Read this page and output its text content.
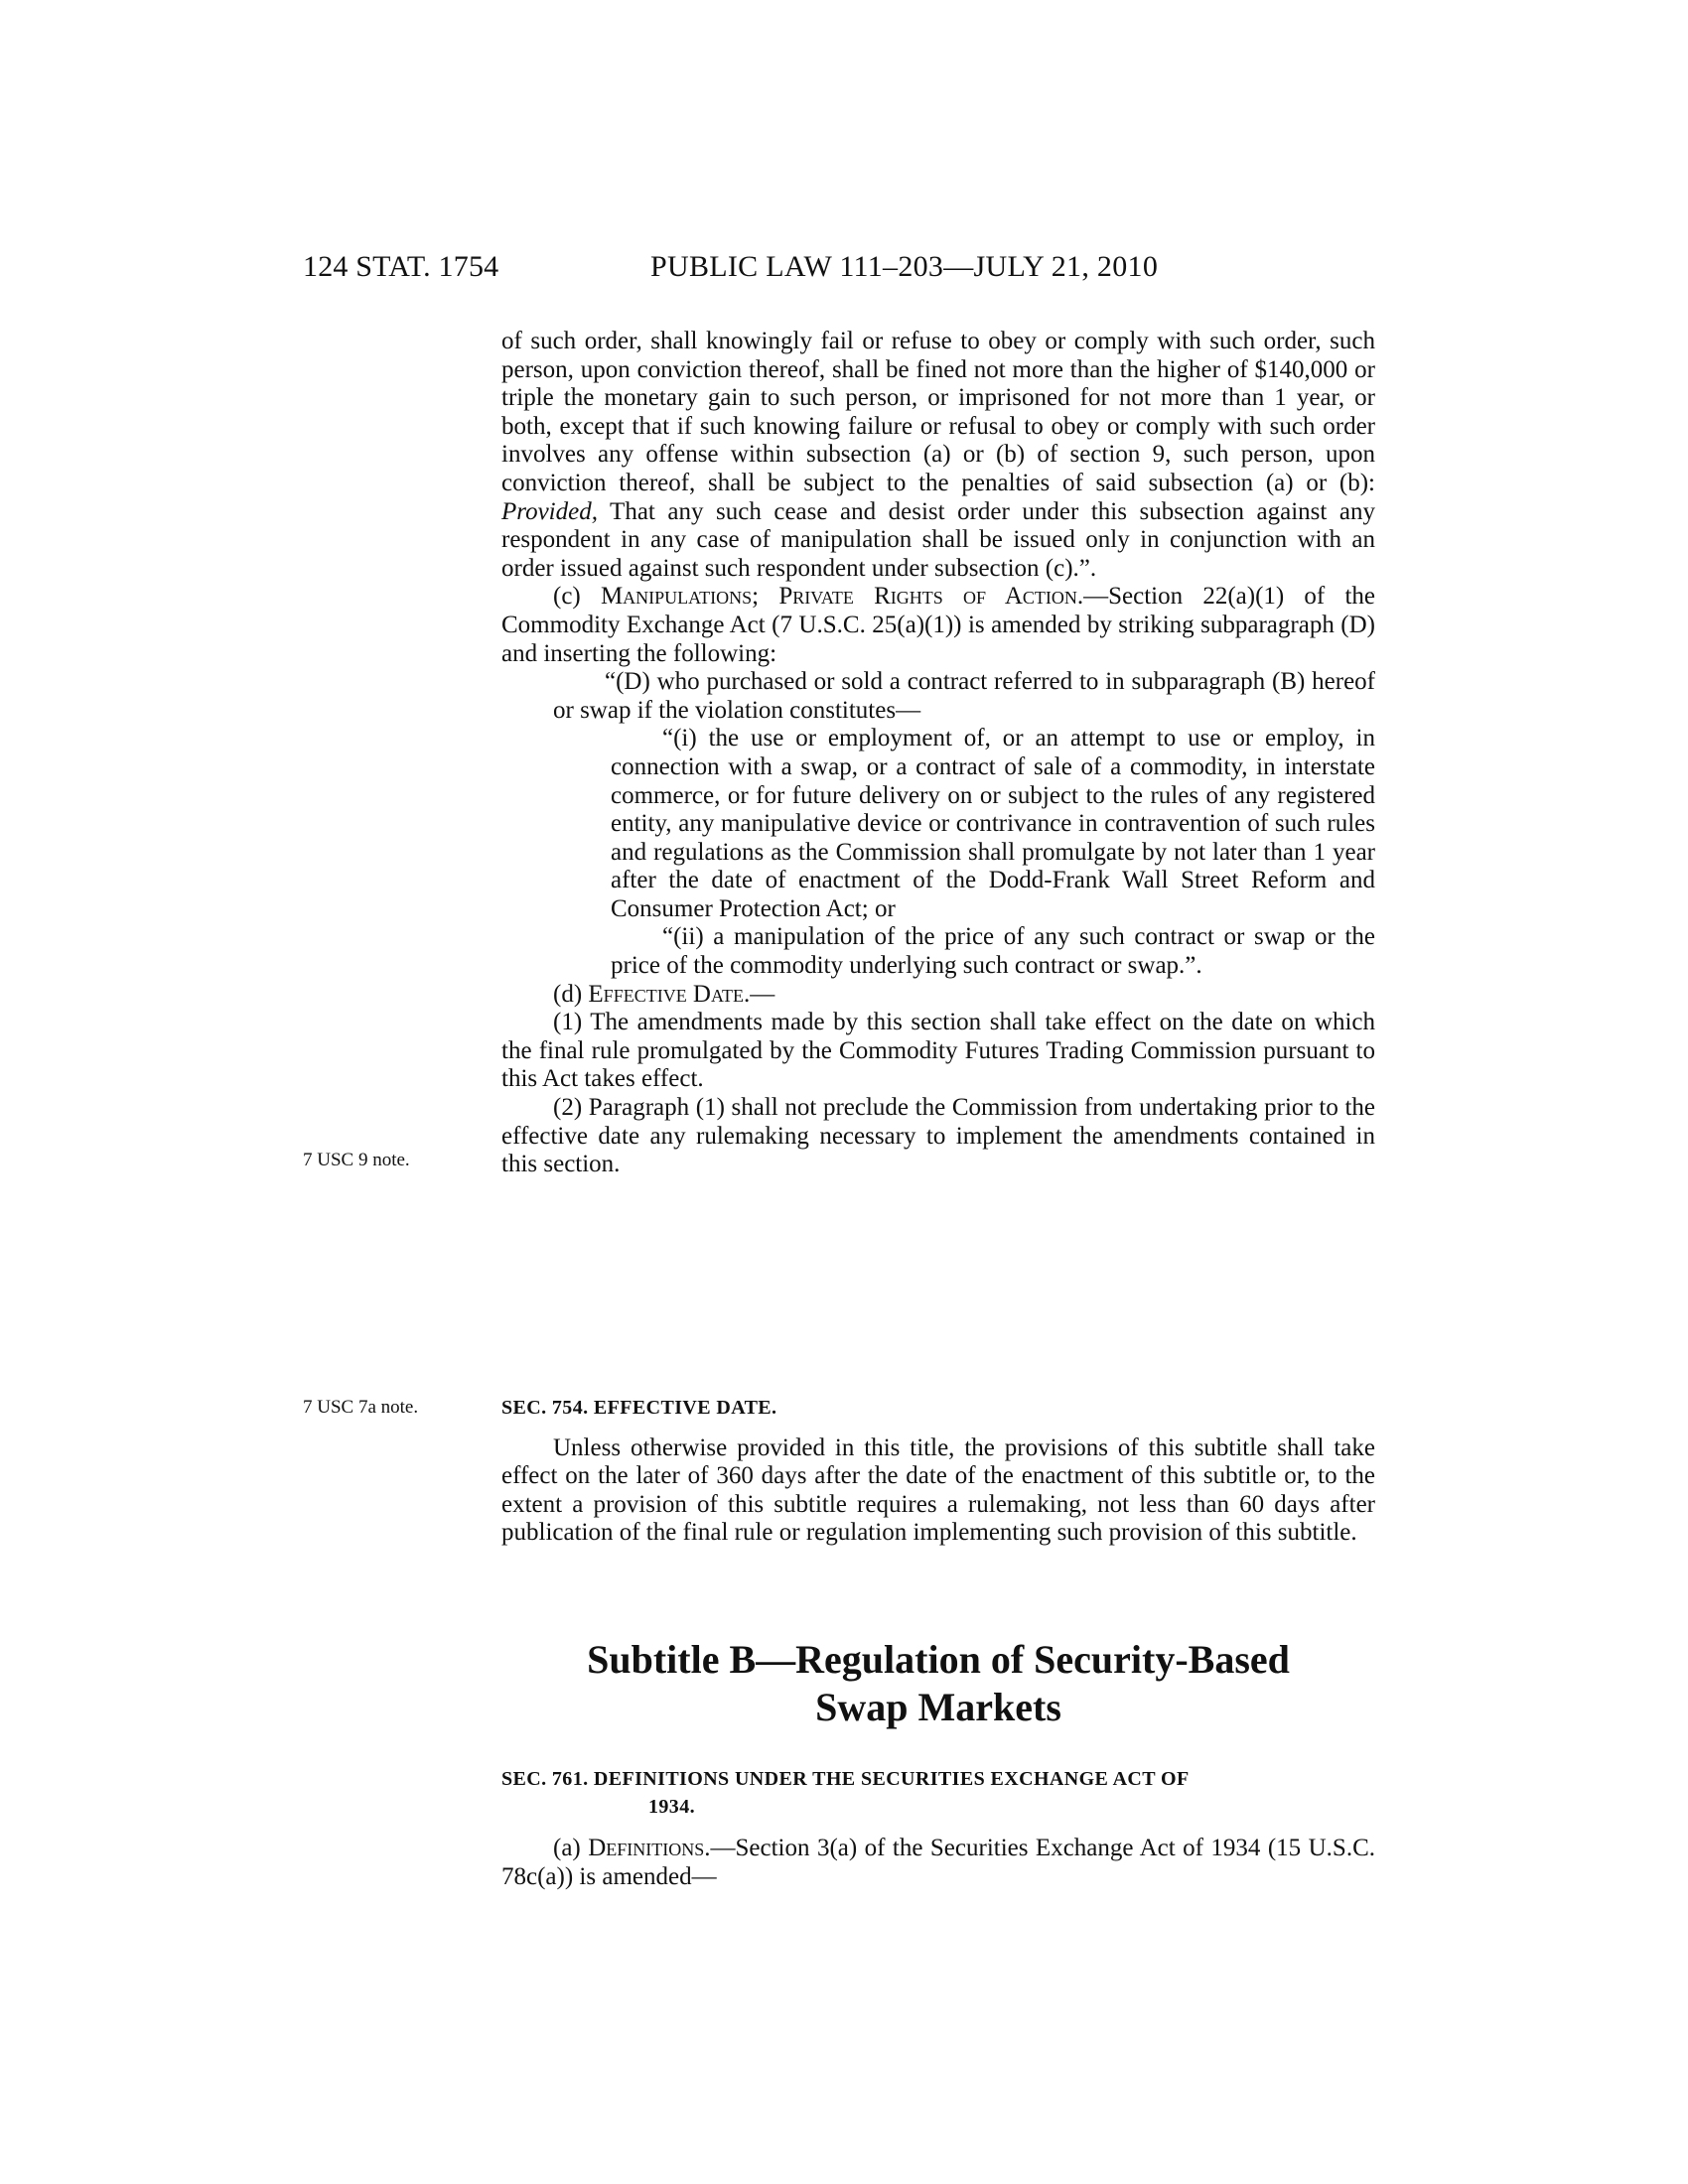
124 STAT. 1754	PUBLIC LAW 111–203—JULY 21, 2010

of such order, shall knowingly fail or refuse to obey or comply with such order, such person, upon conviction thereof, shall be fined not more than the higher of $140,000 or triple the monetary gain to such person, or imprisoned for not more than 1 year, or both, except that if such knowing failure or refusal to obey or comply with such order involves any offense within subsection (a) or (b) of section 9, such person, upon conviction thereof, shall be subject to the penalties of said subsection (a) or (b): Provided, That any such cease and desist order under this subsection against any respondent in any case of manipulation shall be issued only in conjunction with an order issued against such respondent under subsection (c).”.

(c) Manipulations; Private Rights of Action.—Section 22(a)(1) of the Commodity Exchange Act (7 U.S.C. 25(a)(1)) is amended by striking subparagraph (D) and inserting the following:

“(D) who purchased or sold a contract referred to in subparagraph (B) hereof or swap if the violation constitutes—

“(i) the use or employment of, or an attempt to use or employ, in connection with a swap, or a contract of sale of a commodity, in interstate commerce, or for future delivery on or subject to the rules of any registered entity, any manipulative device or contrivance in contravention of such rules and regulations as the Commission shall promulgate by not later than 1 year after the date of enactment of the Dodd-Frank Wall Street Reform and Consumer Protection Act; or

“(ii) a manipulation of the price of any such contract or swap or the price of the commodity underlying such contract or swap.”.

(d) Effective Date.—

(1) The amendments made by this section shall take effect on the date on which the final rule promulgated by the Commodity Futures Trading Commission pursuant to this Act takes effect.

(2) Paragraph (1) shall not preclude the Commission from undertaking prior to the effective date any rulemaking necessary to implement the amendments contained in this section.

7 USC 9 note.
7 USC 7a note.	SEC. 754. EFFECTIVE DATE.

Unless otherwise provided in this title, the provisions of this subtitle shall take effect on the later of 360 days after the date of the enactment of this subtitle or, to the extent a provision of this subtitle requires a rulemaking, not less than 60 days after publication of the final rule or regulation implementing such provision of this subtitle.

Subtitle B—Regulation of Security-Based
Swap Markets
SEC. 761. DEFINITIONS UNDER THE SECURITIES EXCHANGE ACT OF
1934.

(a) Definitions.—Section 3(a) of the Securities Exchange Act of 1934 (15 U.S.C. 78c(a)) is amended—
